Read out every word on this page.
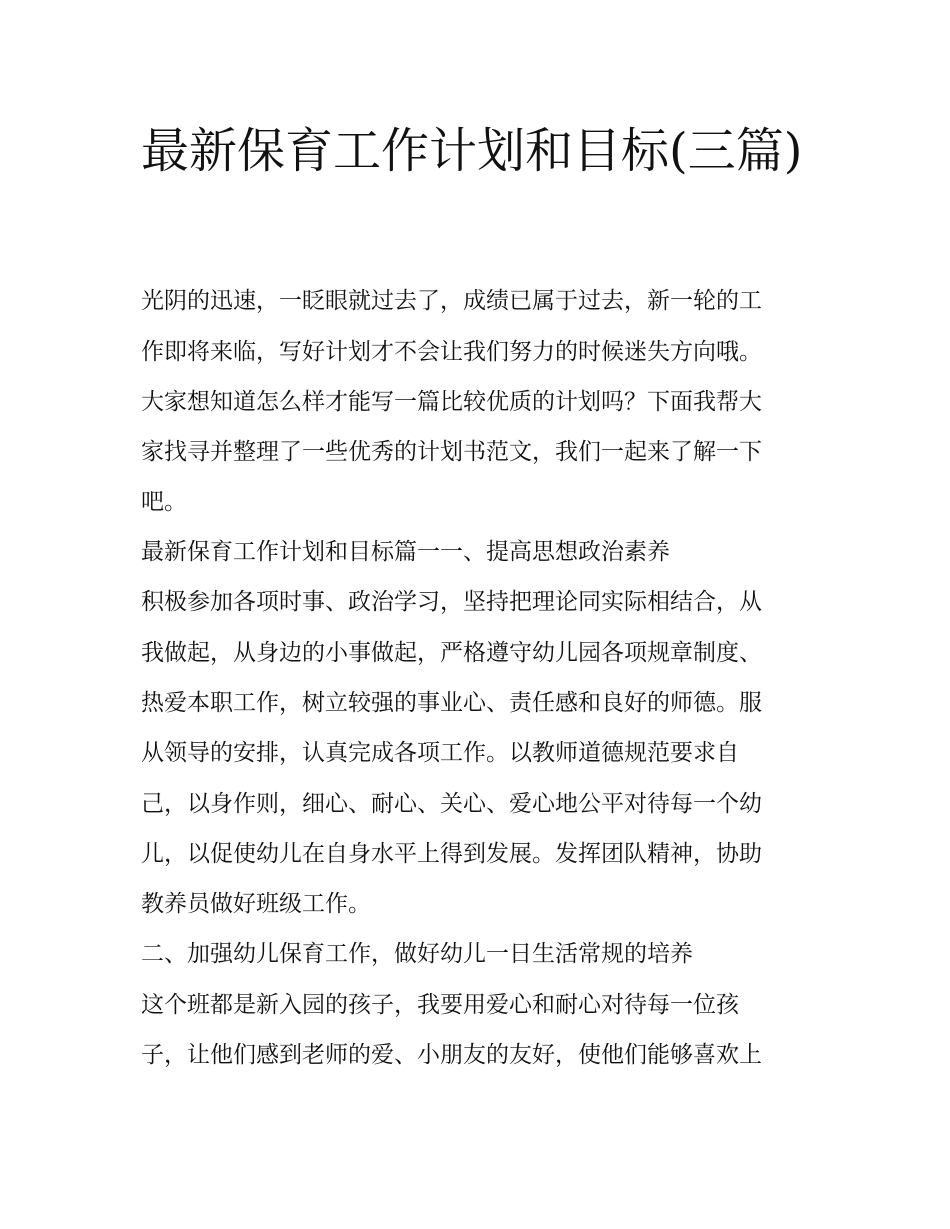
最新保育工作计划和目标(三篇)

光阴的迅速，一眨眼就过去了，成绩已属于过去，新一轮的工

作即将来临，写好计划才不会让我们努力的时候迷失方向哦。

大家想知道怎么样才能写一篇比较优质的计划吗？下面我帮大

家找寻并整理了一些优秀的计划书范文，我们一起来了解一下

吧。

最新保育工作计划和目标篇一一、提高思想政治素养

积极参加各项时事、政治学习，坚持把理论同实际相结合，从

我做起，从身边的小事做起，严格遵守幼儿园各项规章制度、

热爱本职工作，树立较强的事业心、责任感和良好的师德。服

从领导的安排，认真完成各项工作。以教师道德规范要求自

己，以身作则，细心、耐心、关心、爱心地公平对待每一个幼

儿，以促使幼儿在自身水平上得到发展。发挥团队精神，协助

教养员做好班级工作。

二、加强幼儿保育工作，做好幼儿一日生活常规的培养

这个班都是新入园的孩子，我要用爱心和耐心对待每一位孩

子，让他们感到老师的爱、小朋友的友好，使他们能够喜欢上
